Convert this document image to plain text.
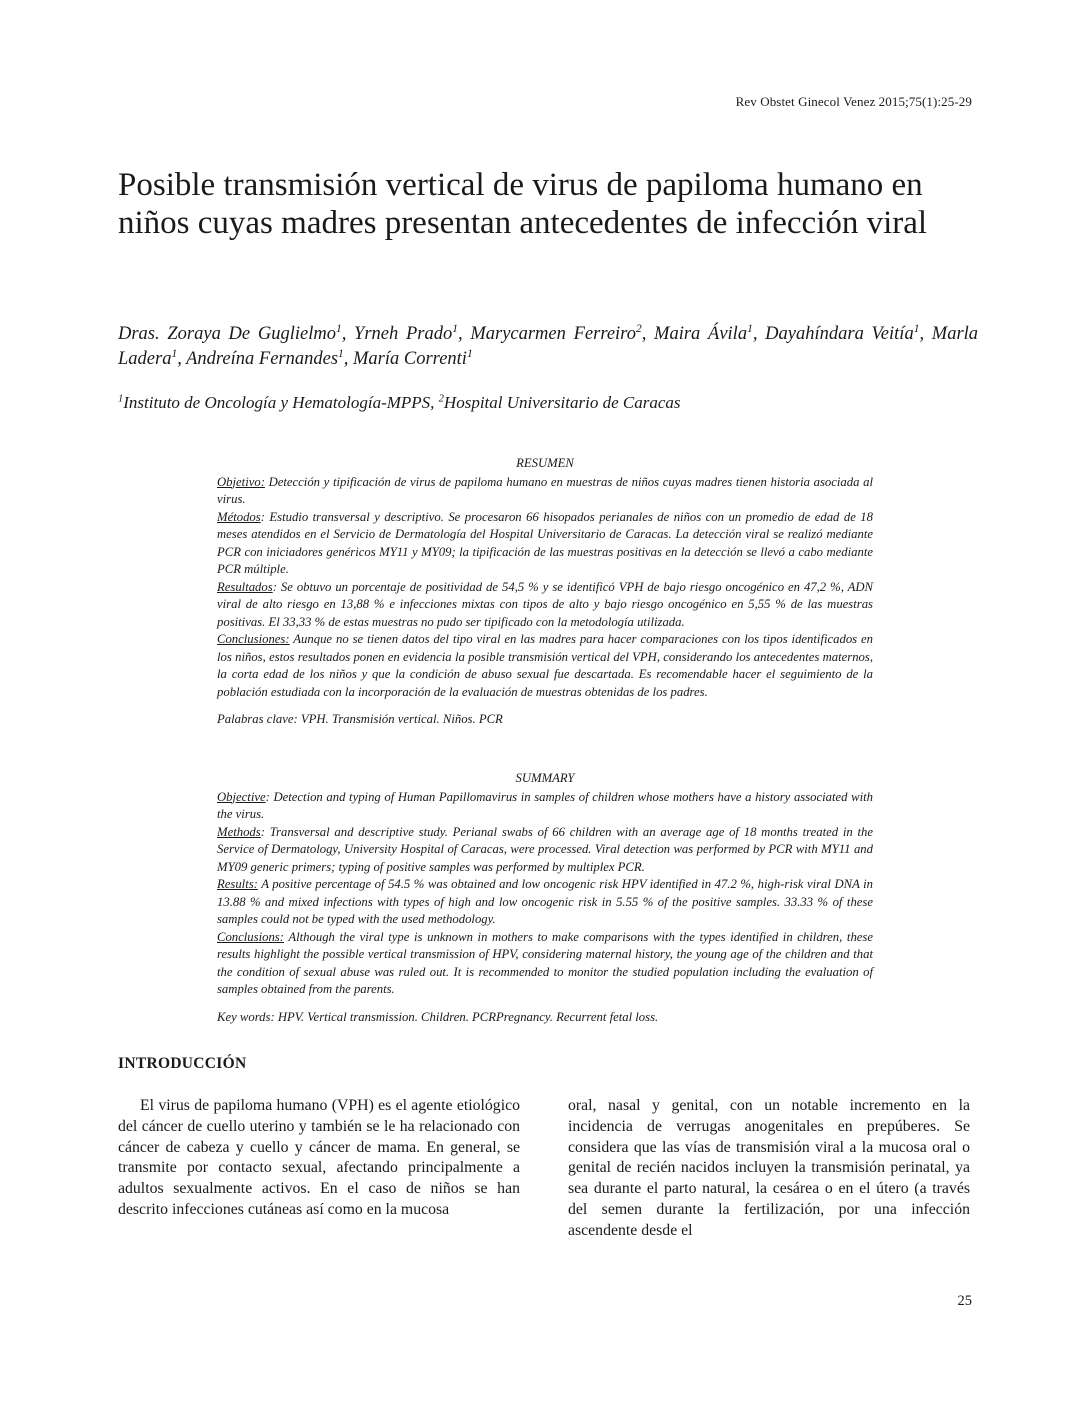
Rev Obstet Ginecol Venez 2015;75(1):25-29
Posible transmisión vertical de virus de papiloma humano en niños cuyas madres presentan antecedentes de infección viral
Dras. Zoraya De Guglielmo$^1$, Yrneh Prado$^1$, Marycarmen Ferreiro$^2$, Maira Ávila$^1$, Dayahíndara Veitía$^1$, Marla Ladera$^1$, Andreína Fernandes$^1$, María Correnti$^1$
$^1$Instituto de Oncología y Hematología-MPPS, $^2$Hospital Universitario de Caracas
RESUMEN

Objetivo: Detección y tipificación de virus de papiloma humano en muestras de niños cuyas madres tienen historia asociada al virus.

Métodos: Estudio transversal y descriptivo. Se procesaron 66 hisopados perianales de niños con un promedio de edad de 18 meses atendidos en el Servicio de Dermatología del Hospital Universitario de Caracas. La detección viral se realizó mediante PCR con iniciadores genéricos MY11 y MY09; la tipificación de las muestras positivas en la detección se llevó a cabo mediante PCR múltiple.

Resultados: Se obtuvo un porcentaje de positividad de 54,5 % y se identificó VPH de bajo riesgo oncogénico en 47,2 %, ADN viral de alto riesgo en 13,88 % e infecciones mixtas con tipos de alto y bajo riesgo oncogénico en 5,55 % de las muestras positivas. El 33,33 % de estas muestras no pudo ser tipificado con la metodología utilizada.

Conclusiones: Aunque no se tienen datos del tipo viral en las madres para hacer comparaciones con los tipos identificados en los niños, estos resultados ponen en evidencia la posible transmisión vertical del VPH, considerando los antecedentes maternos, la corta edad de los niños y que la condición de abuso sexual fue descartada. Es recomendable hacer el seguimiento de la población estudiada con la incorporación de la evaluación de muestras obtenidas de los padres.

Palabras clave: VPH. Transmisión vertical. Niños. PCR

SUMMARY

Objective: Detection and typing of Human Papillomavirus in samples of children whose mothers have a history associated with the virus.

Methods: Transversal and descriptive study. Perianal swabs of 66 children with an average age of 18 months treated in the Service of Dermatology, University Hospital of Caracas, were processed. Viral detection was performed by PCR with MY11 and MY09 generic primers; typing of positive samples was performed by multiplex PCR.

Results: A positive percentage of 54.5 % was obtained and low oncogenic risk HPV identified in 47.2 %, high-risk viral DNA in 13.88 % and mixed infections with types of high and low oncogenic risk in 5.55 % of the positive samples. 33.33 % of these samples could not be typed with the used methodology.

Conclusions: Although the viral type is unknown in mothers to make comparisons with the types identified in children, these results highlight the possible vertical transmission of HPV, considering maternal history, the young age of the children and that the condition of sexual abuse was ruled out. It is recommended to monitor the studied population including the evaluation of samples obtained from the parents.

Key words: HPV. Vertical transmission. Children. PCRPregnancy. Recurrent fetal loss.

INTRODUCCIÓN

El virus de papiloma humano (VPH) es el agente etiológico del cáncer de cuello uterino y también se le ha relacionado con cáncer de cabeza y cuello y cáncer de mama. En general, se transmite por contacto sexual, afectando principalmente a adultos sexualmente activos. En el caso de niños se han descrito infecciones cutáneas así como en la mucosa

oral, nasal y genital, con un notable incremento en la incidencia de verrugas anogenitales en prepúberes. Se considera que las vías de transmisión viral a la mucosa oral o genital de recién nacidos incluyen la transmisión perinatal, ya sea durante el parto natural, la cesárea o en el útero (a través del semen durante la fertilización, por una infección ascendente desde el

25
